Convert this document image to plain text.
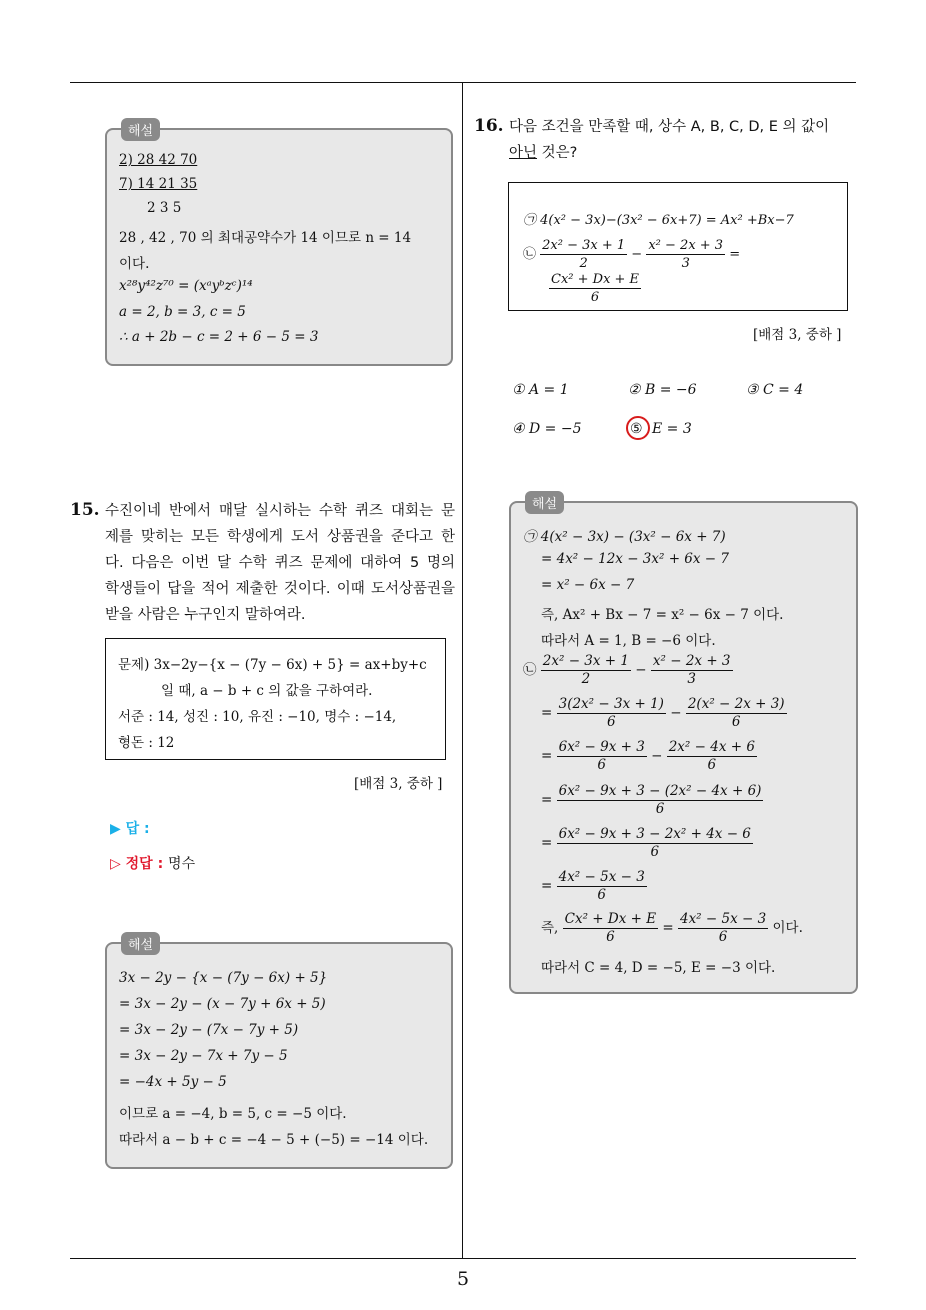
5
해설
2) 28 42 70
7) 14 21 35
2 3 5
28 , 42 , 70 의 최대공약수가 14 이므로 n = 14
이다.
x²⁸y⁴²z⁷⁰ = (xᵃyᵇzᶜ)¹⁴
a = 2, b = 3, c = 5
∴ a + 2b − c = 2 + 6 − 5 = 3
15. 수진이네 반에서 매달 실시하는 수학 퀴즈 대회는 문
제를 맞히는 모든 학생에게 도서 상품권을 준다고 한
다. 다음은 이번 달 수학 퀴즈 문제에 대하여 5 명의
학생들이 답을 적어 제출한 것이다. 이때 도서상품권을
받을 사람은 누구인지 말하여라.
문제) 3x−2y−{x − (7y − 6x) + 5} = ax+by+c
일 때, a − b + c 의 값을 구하여라.
서준 : 14, 성진 : 10, 유진 : −10, 명수 : −14,
형돈 : 12
[배점 3, 중하 ]
▶ 답 :
▷ 정답 : 명수
해설
3x − 2y − {x − (7y − 6x) + 5}
= 3x − 2y − (x − 7y + 6x + 5)
= 3x − 2y − (7x − 7y + 5)
= 3x − 2y − 7x + 7y − 5
= −4x + 5y − 5
이므로 a = −4, b = 5, c = −5 이다.
따라서 a − b + c = −4 − 5 + (−5) = −14 이다.
16. 다음 조건을 만족할 때, 상수 A, B, C, D, E 의 값이
아닌 것은?
㉠ 4(x² − 3x)−(3x² − 6x+7) = Ax² +Bx−7
㉡ $\frac{\text{2x² − 3x + 1}}{2} - \frac{\text{x² − 2x + 3}}{3}$ =
$\frac{\text{Cx² + Dx + E}}{6}$
[배점 3, 중하 ]
① A = 1	② B = −6	③ C = 4
④ D = −5	⑤ E = 3
해설
㉠ 4(x² − 3x) − (3x² − 6x + 7)
= 4x² − 12x − 3x² + 6x − 7
= x² − 6x − 7
즉, Ax² + Bx − 7 = x² − 6x − 7 이다.
따라서 A = 1, B = −6 이다.
㉡ $\frac{\text{2x² − 3x + 1}}{2} - \frac{\text{x² − 2x + 3}}{3}$
= $\frac{\text{3(2x² − 3x + 1)}}{6} - \frac{\text{2(x² − 2x + 3)}}{6}$
= $\frac{\text{6x² − 9x + 3}}{6} - \frac{\text{2x² − 4x + 6}}{6}$
= $\frac{\text{6x² − 9x + 3 − (2x² − 4x + 6)}}{6}$
= $\frac{\text{6x² − 9x + 3 − 2x² + 4x − 6}}{6}$
= $\frac{\text{4x² − 5x − 3}}{6}$
즉, $\frac{\text{Cx² + Dx + E}}{6} = \frac{\text{4x² − 5x − 3}}{6}$ 이다.
따라서 C = 4, D = −5, E = −3 이다.
